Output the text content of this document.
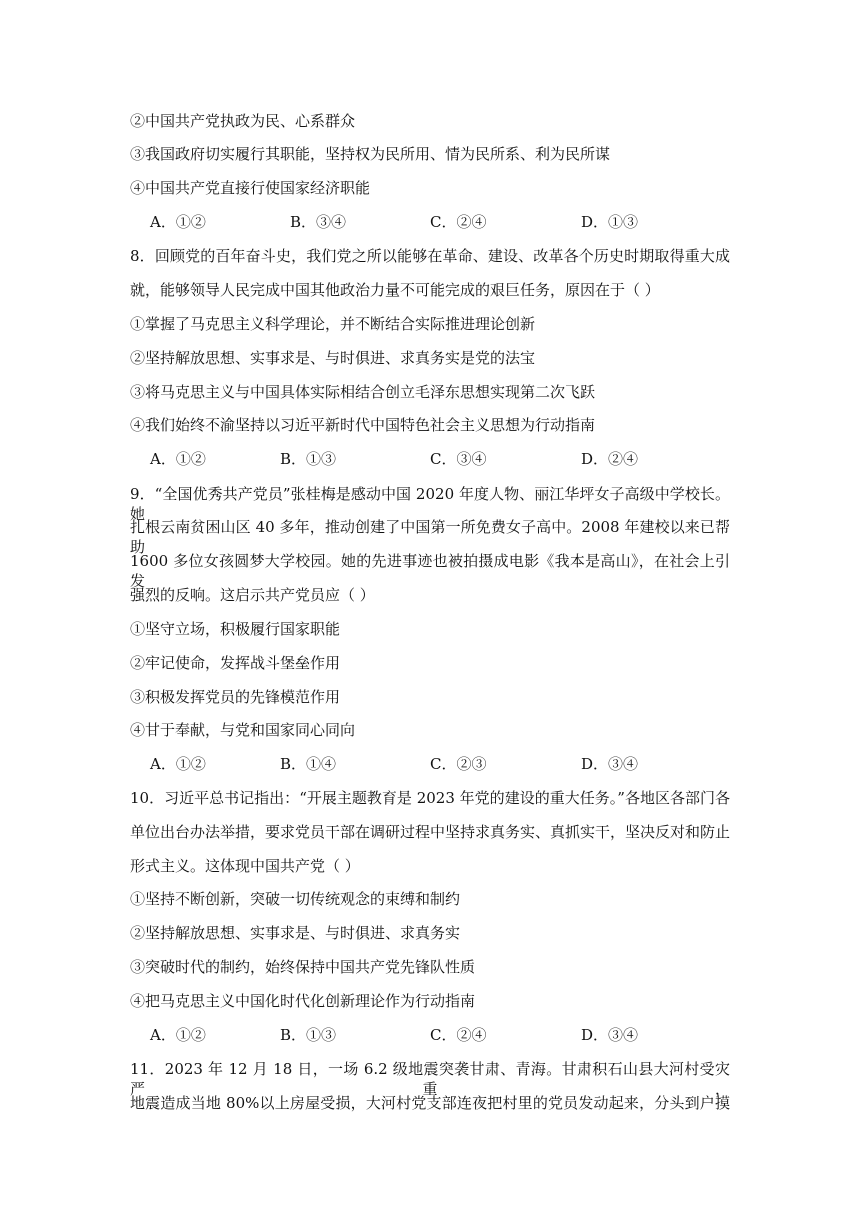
②中国共产党执政为民、心系群众
③我国政府切实履行其职能，坚持权为民所用、情为民所系、利为民所谋
④中国共产党直接行使国家经济职能
A．①②	B．③④	C．②④	D．①③
8．回顾党的百年奋斗史，我们党之所以能够在革命、建设、改革各个历史时期取得重大成
就，能够领导人民完成中国其他政治力量不可能完成的艰巨任务，原因在于（ ）
①掌握了马克思主义科学理论，并不断结合实际推进理论创新
②坚持解放思想、实事求是、与时俱进、求真务实是党的法宝
③将马克思主义与中国具体实际相结合创立毛泽东思想实现第二次飞跃
④我们始终不渝坚持以习近平新时代中国特色社会主义思想为行动指南
A．①②	B．①③	C．③④	D．②④
9．“全国优秀共产党员”张桂梅是感动中国 2020 年度人物、丽江华坪女子高级中学校长。她
扎根云南贫困山区 40 多年，推动创建了中国第一所免费女子高中。2008 年建校以来已帮助
1600 多位女孩圆梦大学校园。她的先进事迹也被拍摄成电影《我本是高山》，在社会上引发
强烈的反响。这启示共产党员应（ ）
①坚守立场，积极履行国家职能
②牢记使命，发挥战斗堡垒作用
③积极发挥党员的先锋模范作用
④甘于奉献，与党和国家同心同向
A．①②	B．①④	C．②③	D．③④
10．习近平总书记指出：“开展主题教育是 2023 年党的建设的重大任务。”各地区各部门各
单位出台办法举措，要求党员干部在调研过程中坚持求真务实、真抓实干，坚决反对和防止
形式主义。这体现中国共产党（ ）
①坚持不断创新，突破一切传统观念的束缚和制约
②坚持解放思想、实事求是、与时俱进、求真务实
③突破时代的制约，始终保持中国共产党先锋队性质
④把马克思主义中国化时代化创新理论作为行动指南
A．①②	B．①③	C．②④	D．③④
11．2023 年 12 月 18 日，一场 6.2 级地震突袭甘肃、青海。甘肃积石山县大河村受灾严重，
地震造成当地 80%以上房屋受损，大河村党支部连夜把村里的党员发动起来，分头到户摸
